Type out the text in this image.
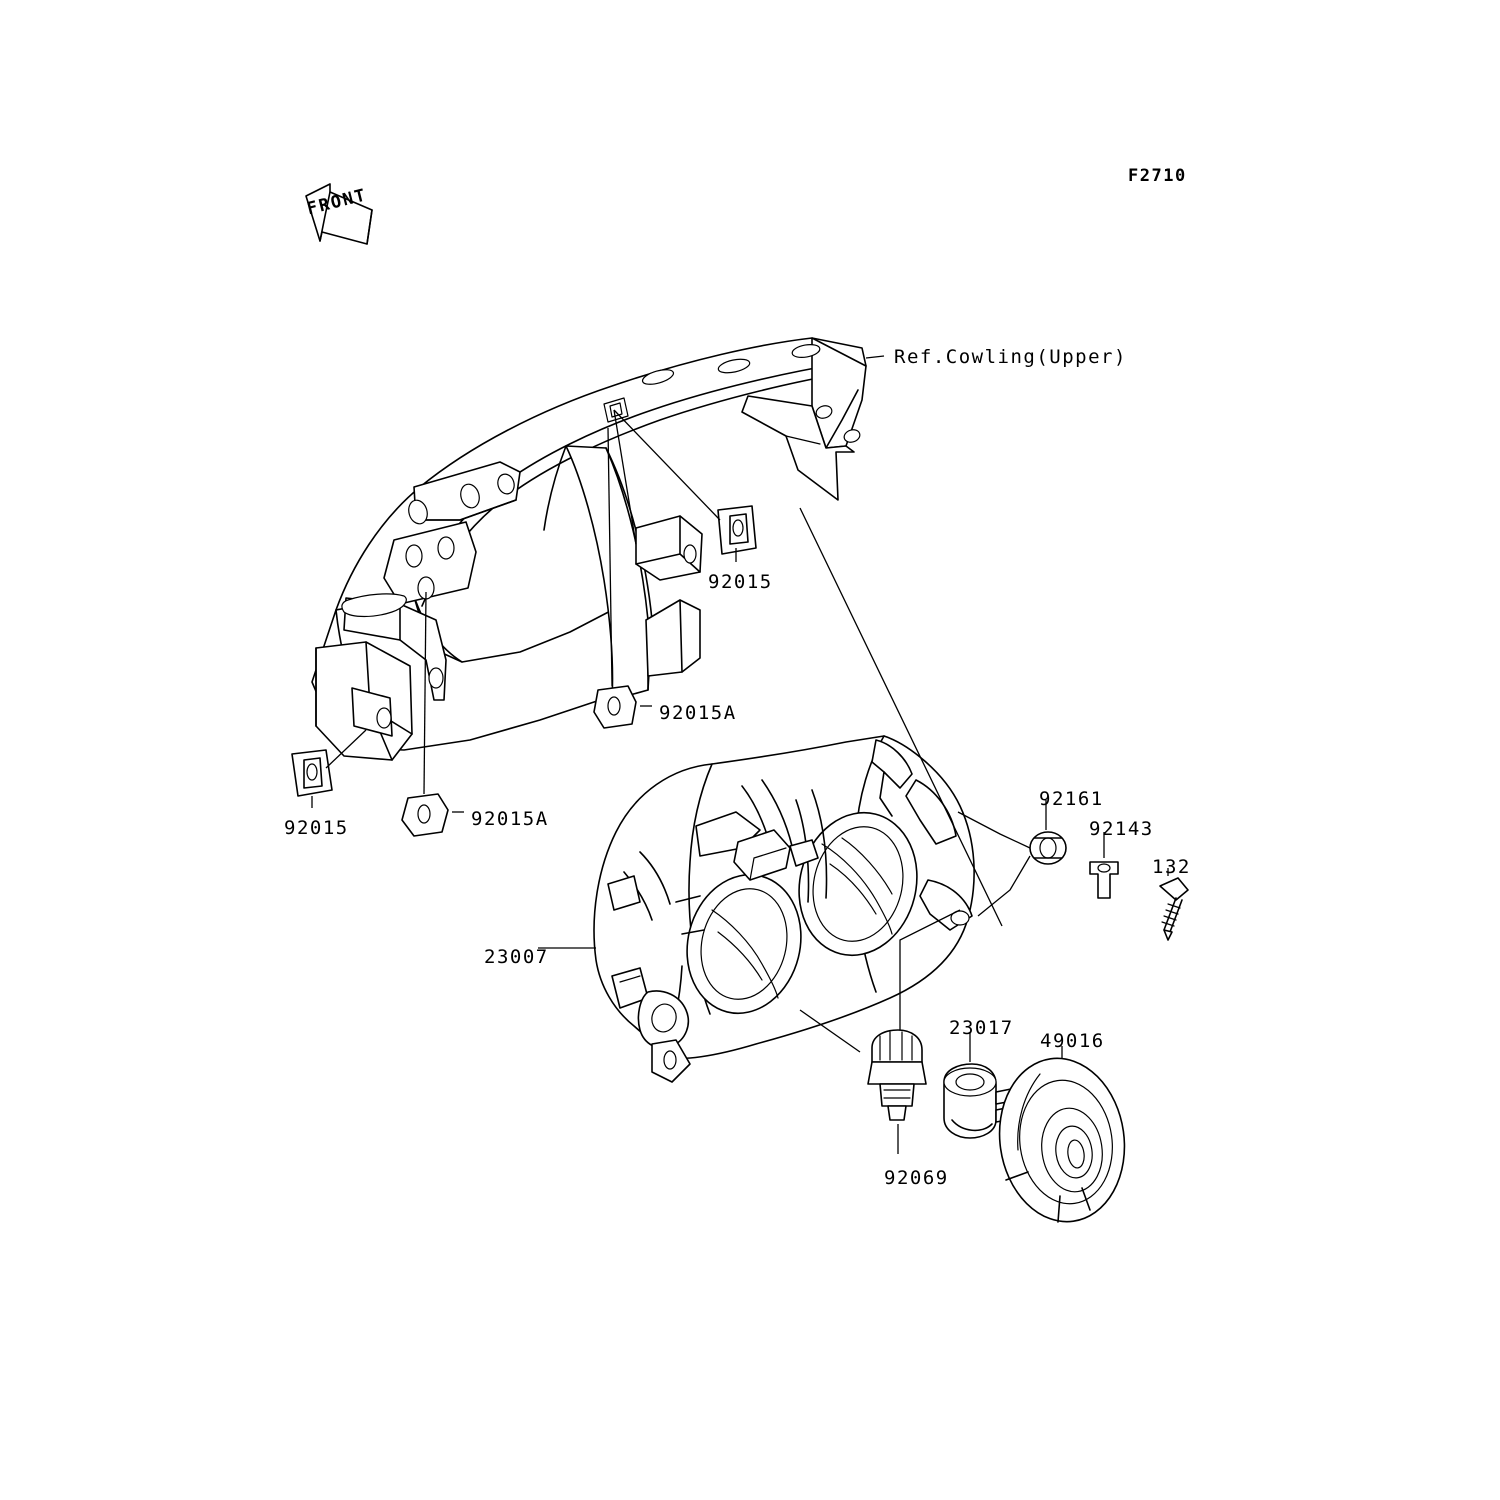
F2710
FRONT
Ref.Cowling(Upper)
92015
92015A
92015	92015A
92161
92143
132
23007
23017
49016
92069
